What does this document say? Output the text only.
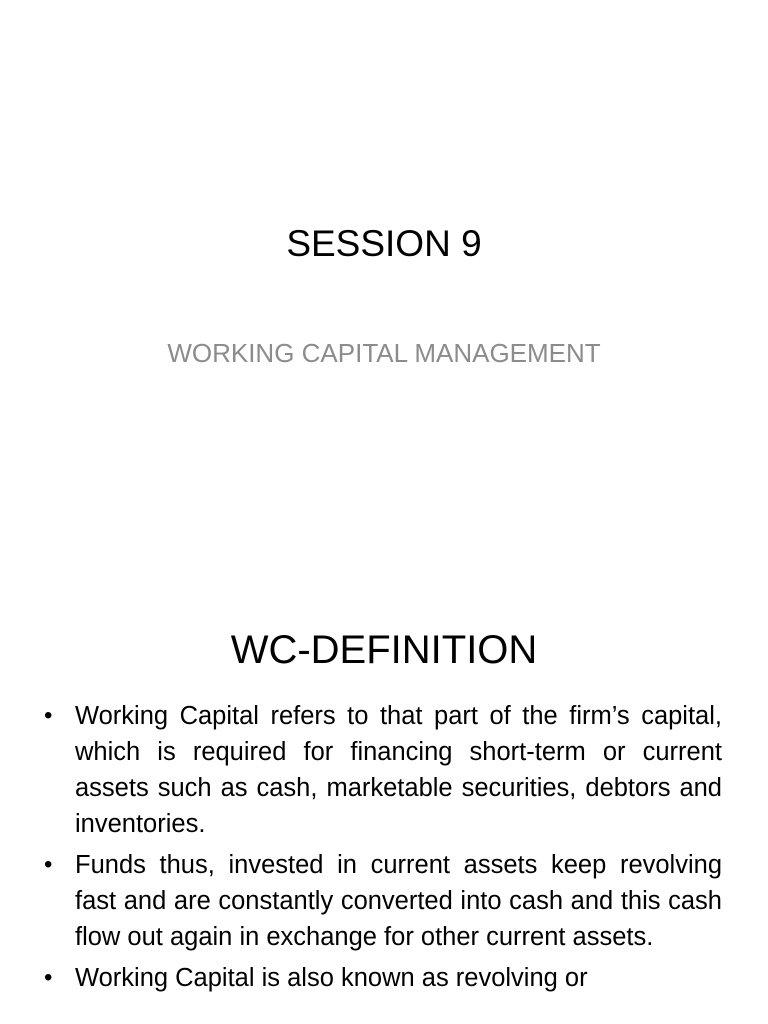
SESSION 9
WORKING CAPITAL MANAGEMENT
WC-DEFINITION
• Working Capital refers to that part of the firm’s capital, which is required for financing short-term or current assets such as cash, marketable securities, debtors and inventories.
• Funds thus, invested in current assets keep revolving fast and are constantly converted into cash and this cash flow out again in exchange for other current assets.
• Working Capital is also known as revolving or
